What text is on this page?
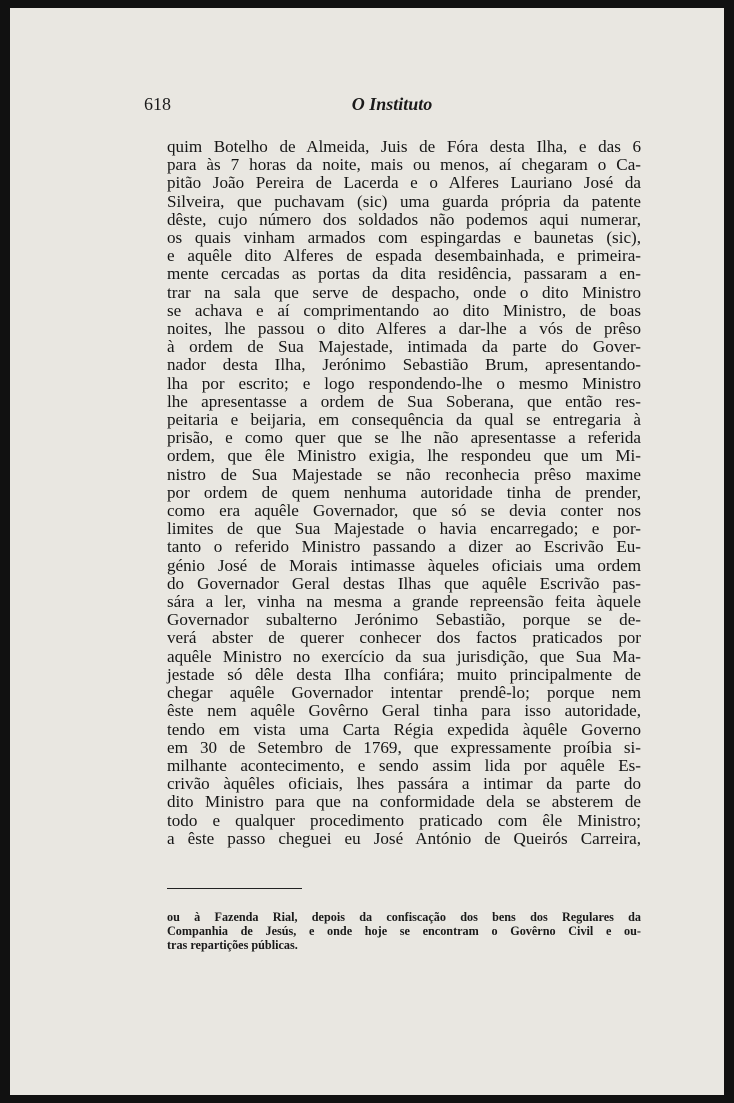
618	O Instituto
quim Botelho de Almeida, Juis de Fóra desta Ilha, e das 6
para às 7 horas da noite, mais ou menos, aí chegaram o Ca-
pitão João Pereira de Lacerda e o Alferes Lauriano José da
Silveira, que puchavam (sic) uma guarda própria da patente
dêste, cujo número dos soldados não podemos aqui numerar,
os quais vinham armados com espingardas e baunetas (sic),
e aquêle dito Alferes de espada desembainhada, e primeira-
mente cercadas as portas da dita residência, passaram a en-
trar na sala que serve de despacho, onde o dito Ministro
se achava e aí comprimentando ao dito Ministro, de boas
noites, lhe passou o dito Alferes a dar-lhe a vós de prêso
à ordem de Sua Majestade, intimada da parte do Gover-
nador desta Ilha, Jerónimo Sebastião Brum, apresentando-
lha por escrito; e logo respondendo-lhe o mesmo Ministro
lhe apresentasse a ordem de Sua Soberana, que então res-
peitaria e beijaria, em consequência da qual se entregaria à
prisão, e como quer que se lhe não apresentasse a referida
ordem, que êle Ministro exigia, lhe respondeu que um Mi-
nistro de Sua Majestade se não reconhecia prêso maxime
por ordem de quem nenhuma autoridade tinha de prender,
como era aquêle Governador, que só se devia conter nos
limites de que Sua Majestade o havia encarregado; e por-
tanto o referido Ministro passando a dizer ao Escrivão Eu-
génio José de Morais intimasse àqueles oficiais uma ordem
do Governador Geral destas Ilhas que aquêle Escrivão pas-
sára a ler, vinha na mesma a grande repreensão feita àquele
Governador subalterno Jerónimo Sebastião, porque se de-
verá abster de querer conhecer dos factos praticados por
aquêle Ministro no exercício da sua jurisdição, que Sua Ma-
jestade só dêle desta Ilha confiára; muito principalmente de
chegar aquêle Governador intentar prendê-lo; porque nem
êste nem aquêle Govêrno Geral tinha para isso autoridade,
tendo em vista uma Carta Régia expedida àquêle Governo
em 30 de Setembro de 1769, que expressamente proíbia si-
milhante acontecimento, e sendo assim lida por aquêle Es-
crivão àquêles oficiais, lhes passára a intimar da parte do
dito Ministro para que na conformidade dela se absterem de
todo e qualquer procedimento praticado com êle Ministro;
a êste passo cheguei eu José António de Queirós Carreira,
ou à Fazenda Rial, depois da confiscação dos bens dos Regulares da
Companhia de Jesús, e onde hoje se encontram o Govêrno Civil e ou-
tras repartições públicas.
